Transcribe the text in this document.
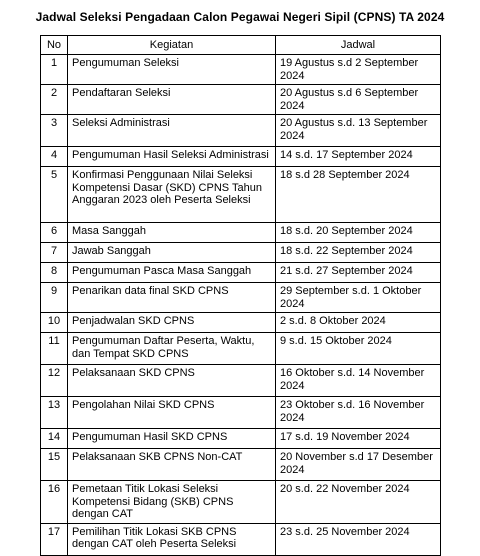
Jadwal Seleksi Pengadaan Calon Pegawai Negeri Sipil (CPNS) TA 2024
No	Kegiatan	Jadwal
1	Pengumuman Seleksi	19 Agustus s.d 2 September 2024
2	Pendaftaran Seleksi	20 Agustus s.d 6 September 2024
3	Seleksi Administrasi	20 Agustus s.d. 13 September 2024
4	Pengumuman Hasil Seleksi Administrasi	14 s.d. 17 September 2024
5	Konfirmasi Penggunaan Nilai Seleksi Kompetensi Dasar (SKD) CPNS Tahun Anggaran 2023 oleh Peserta Seleksi	18 s.d 28 September 2024
6	Masa Sanggah	18 s.d. 20 September 2024
7	Jawab Sanggah	18 s.d. 22 September 2024
8	Pengumuman Pasca Masa Sanggah	21 s.d. 27 September 2024
9	Penarikan data final SKD CPNS	29 September s.d. 1 Oktober 2024
10	Penjadwalan SKD CPNS	2 s.d. 8 Oktober 2024
11	Pengumuman Daftar Peserta, Waktu, dan Tempat SKD CPNS	9 s.d. 15 Oktober 2024
12	Pelaksanaan SKD CPNS	16 Oktober s.d. 14 November 2024
13	Pengolahan Nilai SKD CPNS	23 Oktober s.d. 16 November 2024
14	Pengumuman Hasil SKD CPNS	17 s.d. 19 November 2024
15	Pelaksanaan SKB CPNS Non-CAT	20 November s.d 17 Desember 2024
16	Pemetaan Titik Lokasi Seleksi Kompetensi Bidang (SKB) CPNS dengan CAT	20 s.d. 22 November 2024
17	Pemilihan Titik Lokasi SKB CPNS dengan CAT oleh Peserta Seleksi	23 s.d. 25 November 2024
